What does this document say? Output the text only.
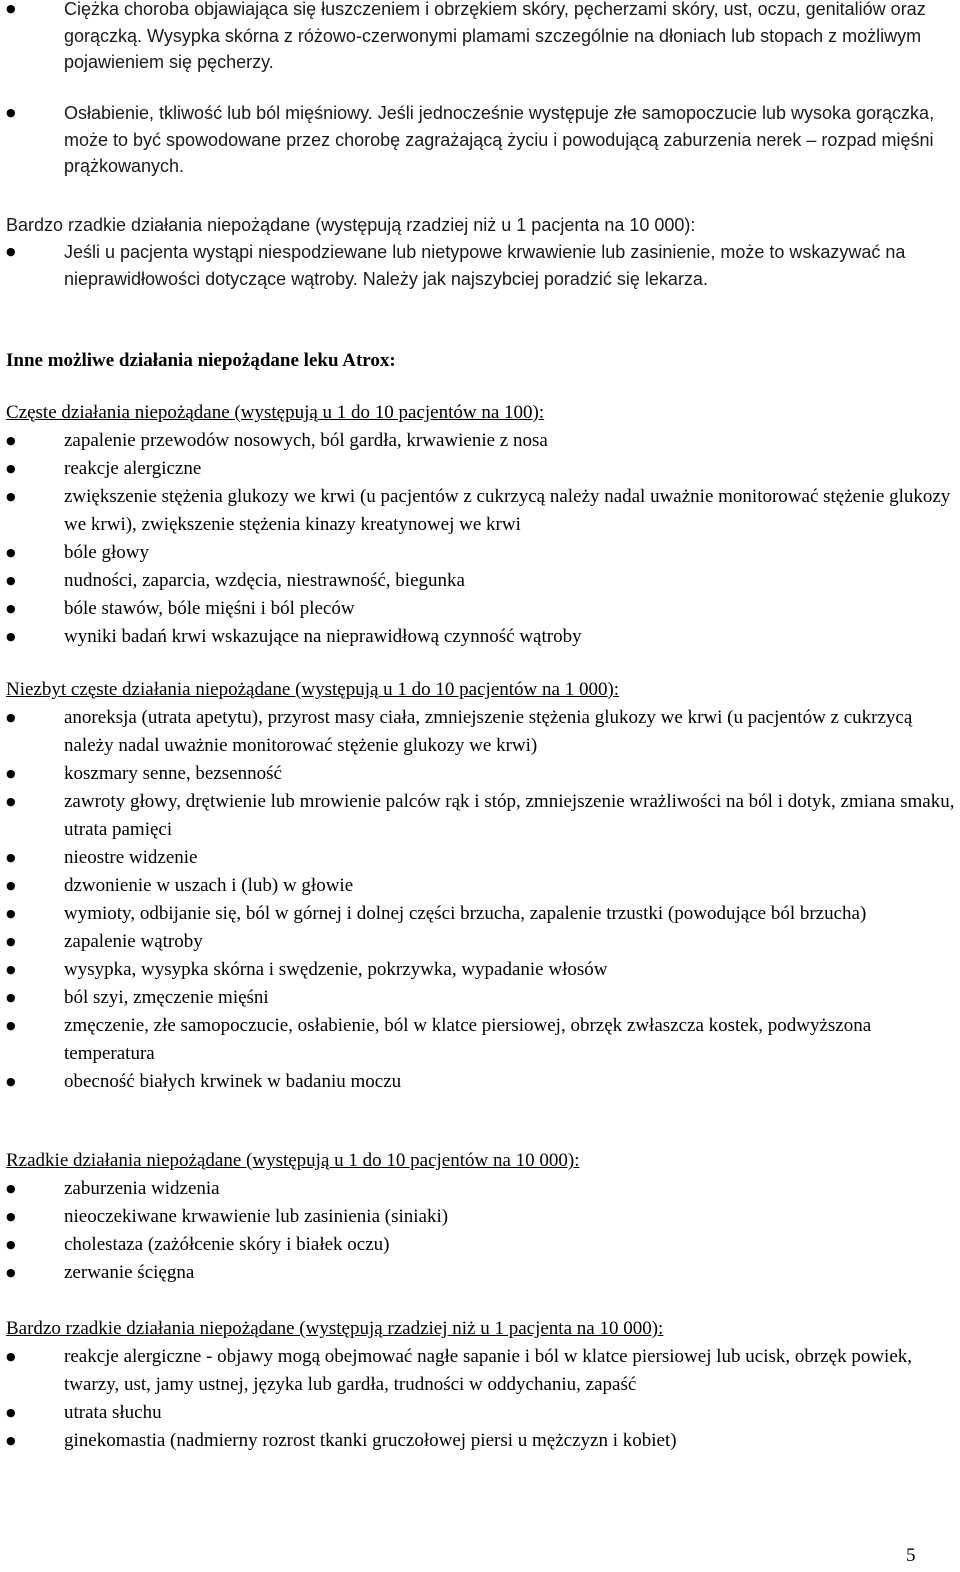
● Ciężka choroba objawiająca się łuszczeniem i obrzękiem skóry, pęcherzami skóry, ust, oczu, genitaliów oraz gorączką. Wysypka skórna z różowo-czerwonymi plamami szczególnie na dłoniach lub stopach z możliwym pojawieniem się pęcherzy.
● Osłabienie, tkliwość lub ból mięśniowy. Jeśli jednocześnie występuje złe samopoczucie lub wysoka gorączka, może to być spowodowane przez chorobę zagrażającą życiu i powodującą zaburzenia nerek – rozpad mięśni prążkowanych.
Bardzo rzadkie działania niepożądane (występują rzadziej niż u 1 pacjenta na 10 000):
● Jeśli u pacjenta wystąpi niespodziewane lub nietypowe krwawienie lub zasinienie, może to wskazywać na nieprawidłowości dotyczące wątroby. Należy jak najszybciej poradzić się lekarza.
Inne możliwe działania niepożądane leku Atrox:
Częste działania niepożądane (występują u 1 do 10 pacjentów na 100):
● zapalenie przewodów nosowych, ból gardła, krwawienie z nosa
● reakcje alergiczne
● zwiększenie stężenia glukozy we krwi (u pacjentów z cukrzycą należy nadal uważnie monitorować stężenie glukozy we krwi), zwiększenie stężenia kinazy kreatynowej we krwi
● bóle głowy
● nudności, zaparcia, wzdęcia, niestrawność, biegunka
● bóle stawów, bóle mięśni i ból pleców
● wyniki badań krwi wskazujące na nieprawidłową czynność wątroby
Niezbyt częste działania niepożądane (występują u 1 do 10 pacjentów na 1 000):
● anoreksja (utrata apetytu), przyrost masy ciała, zmniejszenie stężenia glukozy we krwi (u pacjentów z cukrzycą należy nadal uważnie monitorować stężenie glukozy we krwi)
● koszmary senne, bezsenność
● zawroty głowy, drętwienie lub mrowienie palców rąk i stóp, zmniejszenie wrażliwości na ból i dotyk, zmiana smaku, utrata pamięci
● nieostre widzenie
● dzwonienie w uszach i (lub) w głowie
● wymioty, odbijanie się, ból w górnej i dolnej części brzucha, zapalenie trzustki (powodujące ból brzucha)
● zapalenie wątroby
● wysypka, wysypka skórna i swędzenie, pokrzywka, wypadanie włosów
● ból szyi, zmęczenie mięśni
● zmęczenie, złe samopoczucie, osłabienie, ból w klatce piersiowej, obrzęk zwłaszcza kostek, podwyższona temperatura
● obecność białych krwinek w badaniu moczu
Rzadkie działania niepożądane (występują u 1 do 10 pacjentów na 10 000):
● zaburzenia widzenia
● nieoczekiwane krwawienie lub zasinienia (siniaki)
● cholestaza (zażółcenie skóry i białek oczu)
● zerwanie ścięgna
Bardzo rzadkie działania niepożądane (występują rzadziej niż u 1 pacjenta na 10 000):
● reakcje alergiczne - objawy mogą obejmować nagłe sapanie i ból w klatce piersiowej lub ucisk, obrzęk powiek, twarzy, ust, jamy ustnej, języka lub gardła, trudności w oddychaniu, zapaść
● utrata słuchu
● ginekomastia (nadmierny rozrost tkanki gruczołowej piersi u mężczyzn i kobiet)
5
